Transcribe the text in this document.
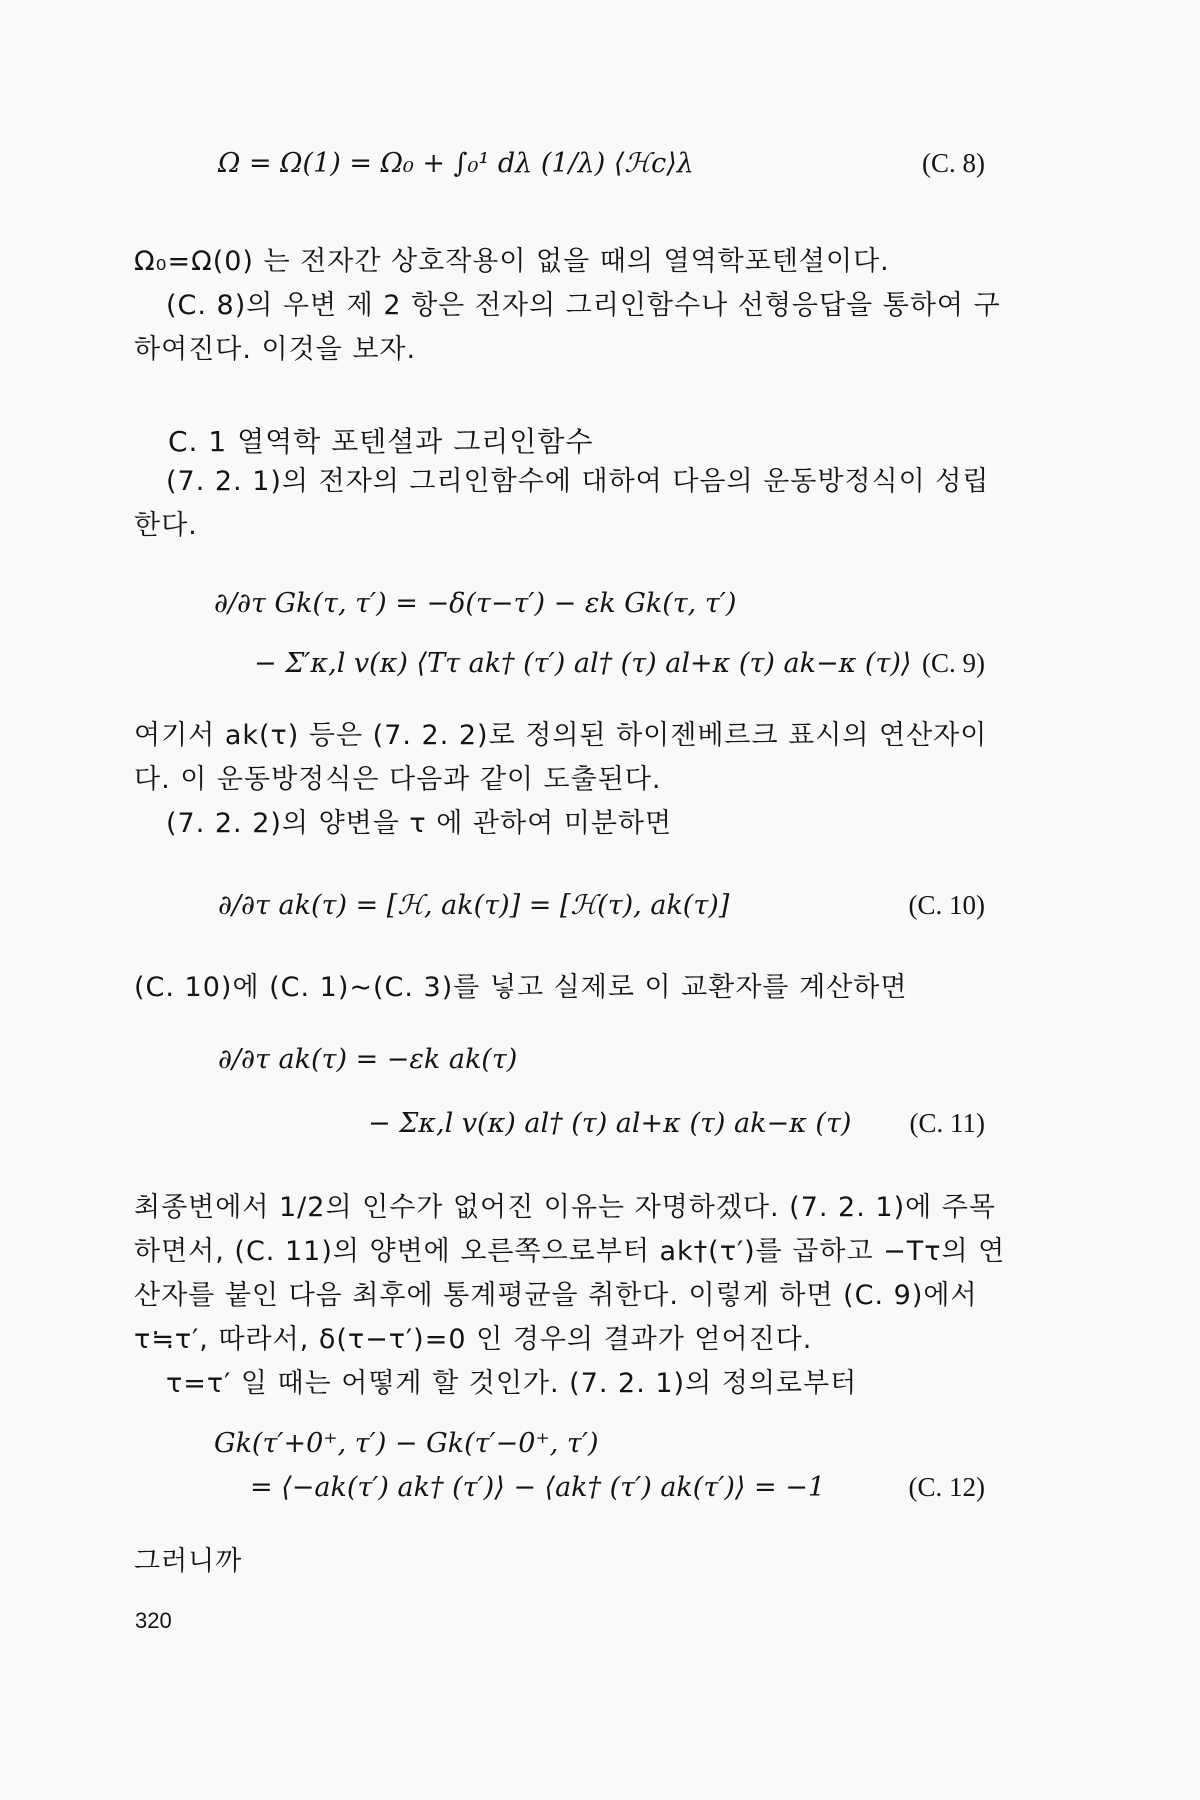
Ω = Ω(1) = Ω₀ + ∫₀¹ dλ (1/λ) ⟨ℋc⟩λ	(C. 8)
Ω₀=Ω(0) 는 전자간 상호작용이 없을 때의 열역학포텐셜이다.
(C. 8)의 우변 제 2 항은 전자의 그리인함수나 선형응답을 통하여 구하여진다. 이것을 보자.
C. 1 열역학 포텐셜과 그리인함수
(7. 2. 1)의 전자의 그리인함수에 대하여 다음의 운동방정식이 성립한다.
∂/∂τ Gk(τ, τ′) = −δ(τ−τ′) − εk Gk(τ, τ′)
− Σ′κ,l v(κ) ⟨Tτ ak† (τ′) al† (τ) al+κ (τ) ak−κ (τ)⟩ (C. 9)
여기서 ak(τ) 등은 (7. 2. 2)로 정의된 하이젠베르크 표시의 연산자이다. 이 운동방정식은 다음과 같이 도출된다.
(7. 2. 2)의 양변을 τ 에 관하여 미분하면
∂/∂τ ak(τ) = [ℋ, ak(τ)] = [ℋ(τ), ak(τ)]	(C. 10)
(C. 10)에 (C. 1)∼(C. 3)를 넣고 실제로 이 교환자를 계산하면
∂/∂τ ak(τ) = −εk ak(τ)
− Σκ,l v(κ) al† (τ) al+κ (τ) ak−κ (τ) (C. 11)
최종변에서 1/2의 인수가 없어진 이유는 자명하겠다. (7. 2. 1)에 주목하면서, (C. 11)의 양변에 오른쪽으로부터 ak†(τ′)를 곱하고 −Tτ의 연산자를 붙인 다음 최후에 통계평균을 취한다. 이렇게 하면 (C. 9)에서 τ≒τ′, 따라서, δ(τ−τ′)=0 인 경우의 결과가 얻어진다.
τ=τ′ 일 때는 어떻게 할 것인가. (7. 2. 1)의 정의로부터
Gk(τ′+0⁺, τ′) − Gk(τ′−0⁺, τ′)
= ⟨−ak(τ′) ak† (τ′)⟩ − ⟨ak† (τ′) ak(τ′)⟩ = −1	(C. 12)
그러니까
320
